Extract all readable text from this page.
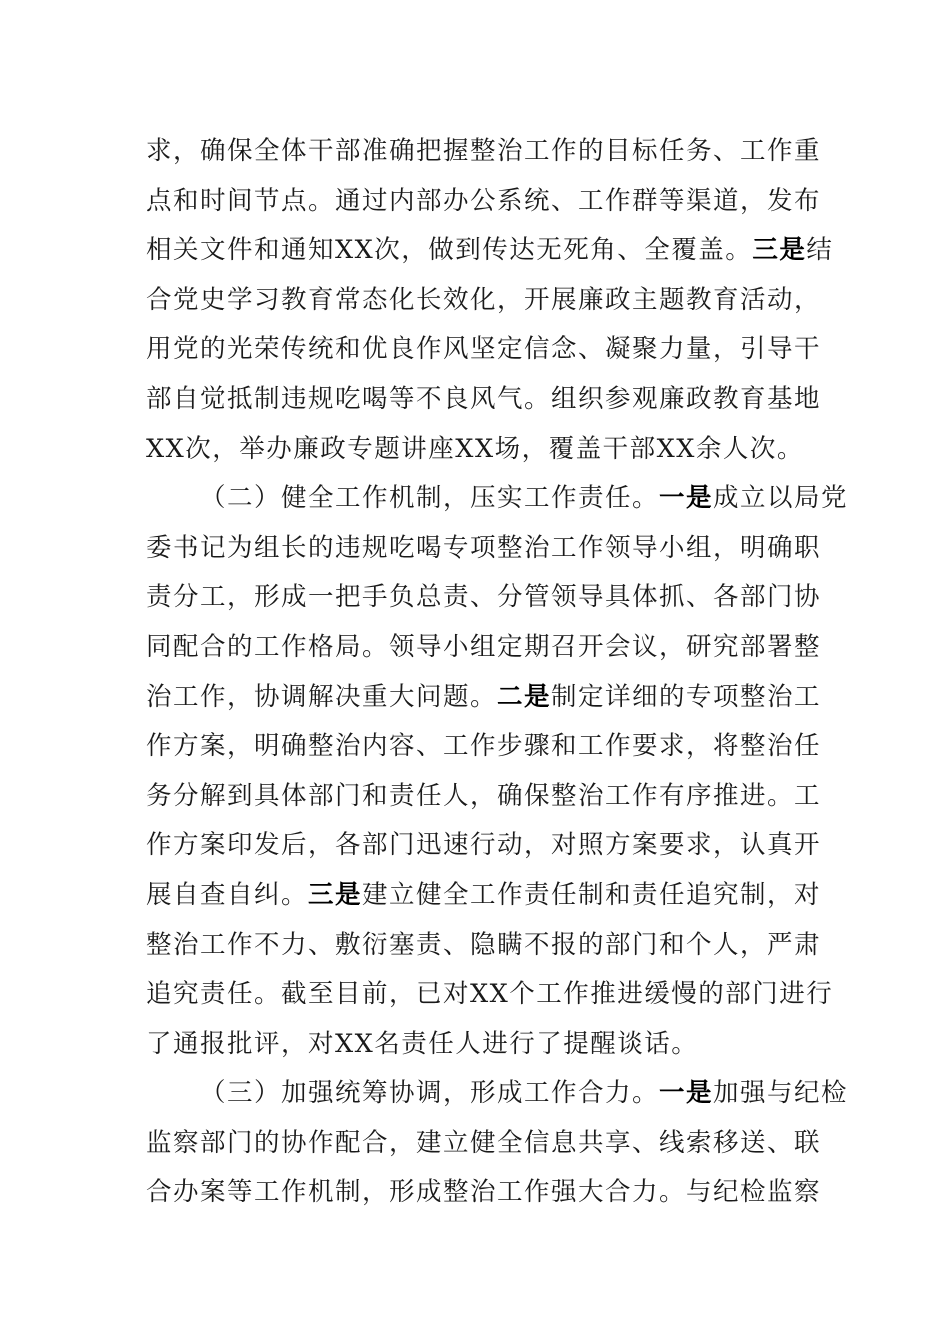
求，确保全体干部准确把握整治工作的目标任务、工作重
点和时间节点。通过内部办公系统、工作群等渠道，发布
相关文件和通知XX次，做到传达无死角、全覆盖。三是结
合党史学习教育常态化长效化，开展廉政主题教育活动，
用党的光荣传统和优良作风坚定信念、凝聚力量，引导干
部自觉抵制违规吃喝等不良风气。组织参观廉政教育基地
XX次，举办廉政专题讲座XX场，覆盖干部XX余人次。
（二）健全工作机制，压实工作责任。一是成立以局党
委书记为组长的违规吃喝专项整治工作领导小组，明确职
责分工，形成一把手负总责、分管领导具体抓、各部门协
同配合的工作格局。领导小组定期召开会议，研究部署整
治工作，协调解决重大问题。二是制定详细的专项整治工
作方案，明确整治内容、工作步骤和工作要求，将整治任
务分解到具体部门和责任人，确保整治工作有序推进。工
作方案印发后，各部门迅速行动，对照方案要求，认真开
展自查自纠。三是建立健全工作责任制和责任追究制，对
整治工作不力、敷衍塞责、隐瞒不报的部门和个人，严肃
追究责任。截至目前，已对XX个工作推进缓慢的部门进行
了通报批评，对XX名责任人进行了提醒谈话。
（三）加强统筹协调，形成工作合力。一是加强与纪检
监察部门的协作配合，建立健全信息共享、线索移送、联
合办案等工作机制，形成整治工作强大合力。与纪检监察
